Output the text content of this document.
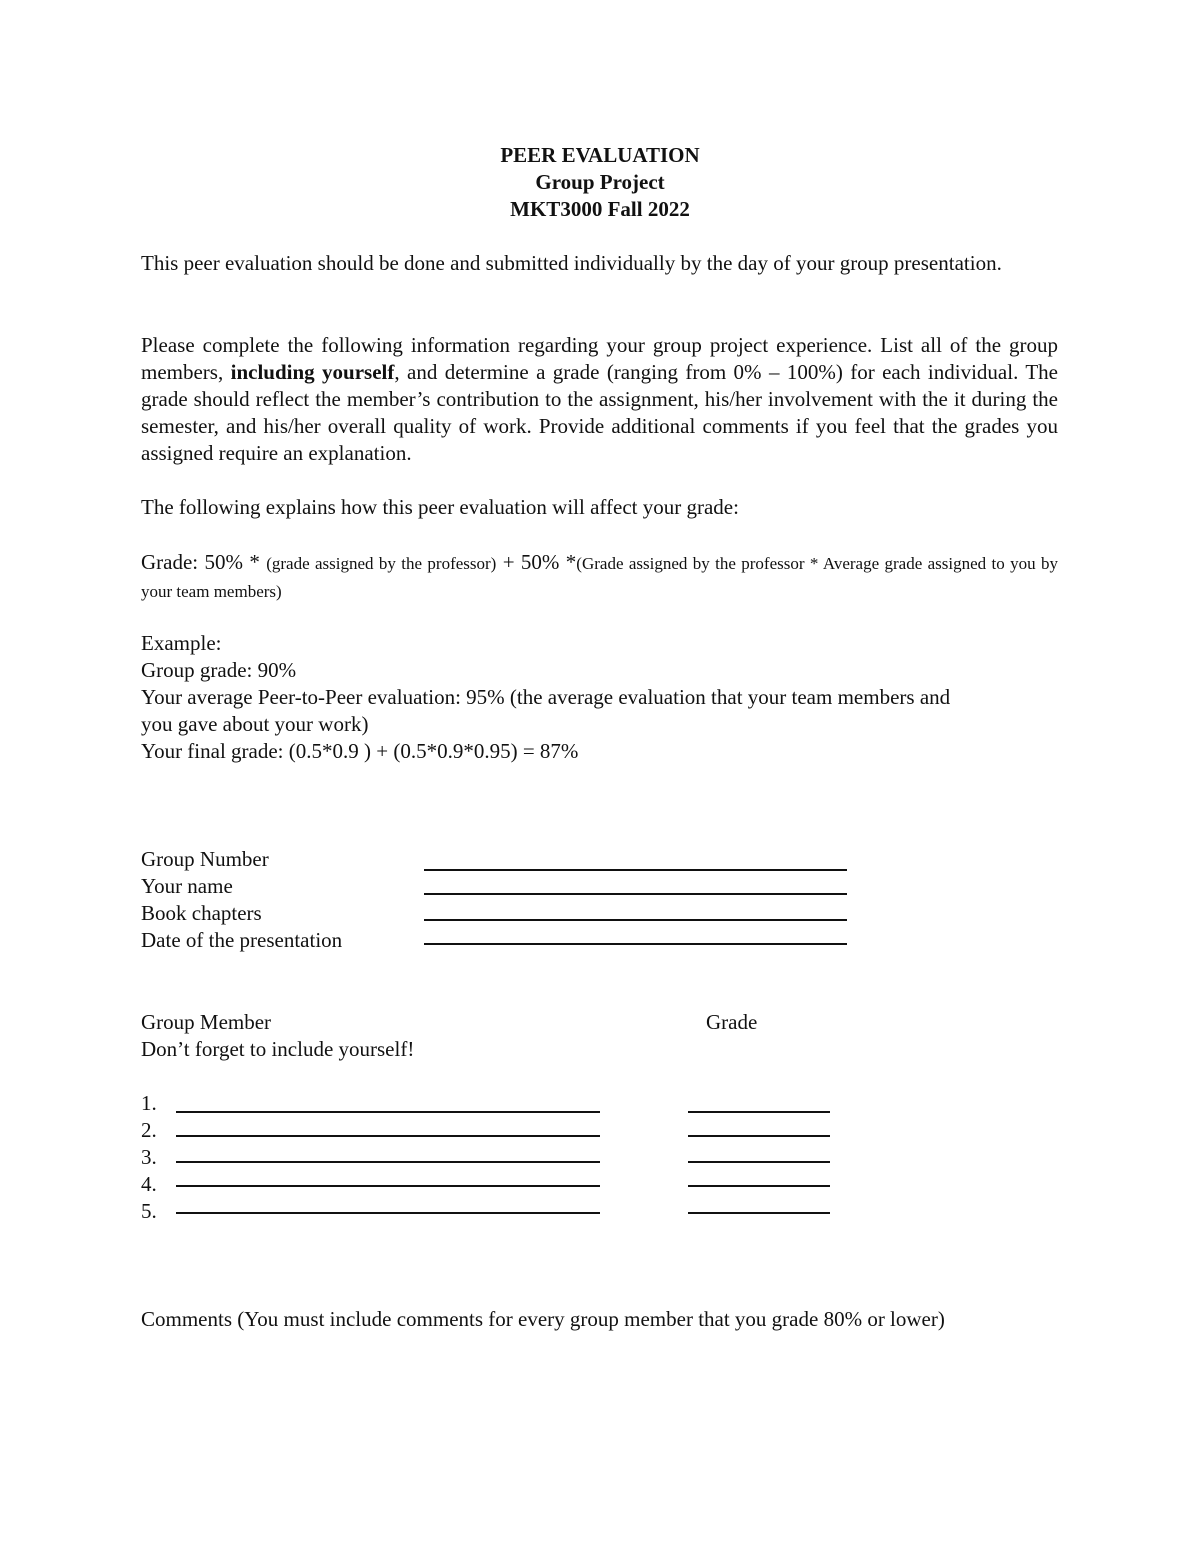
PEER EVALUATION
Group Project
MKT3000 Fall 2022

This peer evaluation should be done and submitted individually by the day of your group presentation.

Please complete the following information regarding your group project experience. List all of the group members, including yourself, and determine a grade (ranging from 0% – 100%) for each individual. The grade should reflect the member’s contribution to the assignment, his/her involvement with the it during the semester, and his/her overall quality of work. Provide additional comments if you feel that the grades you assigned require an explanation.

The following explains how this peer evaluation will affect your grade:

Grade: 50% * (grade assigned by the professor) + 50% *(Grade assigned by the professor * Average grade assigned to you by your team members)

Example:
Group grade: 90%
Your average Peer-to-Peer evaluation: 95% (the average evaluation that your team members and
you gave about your work)
Your final grade: (0.5*0.9 ) + (0.5*0.9*0.95) = 87%
Group Number
Your name
Book chapters
Date of the presentation
Group Member	Grade
Don’t forget to include yourself!
1.
2.
3.
4.
5.
Comments (You must include comments for every group member that you grade 80% or lower)
